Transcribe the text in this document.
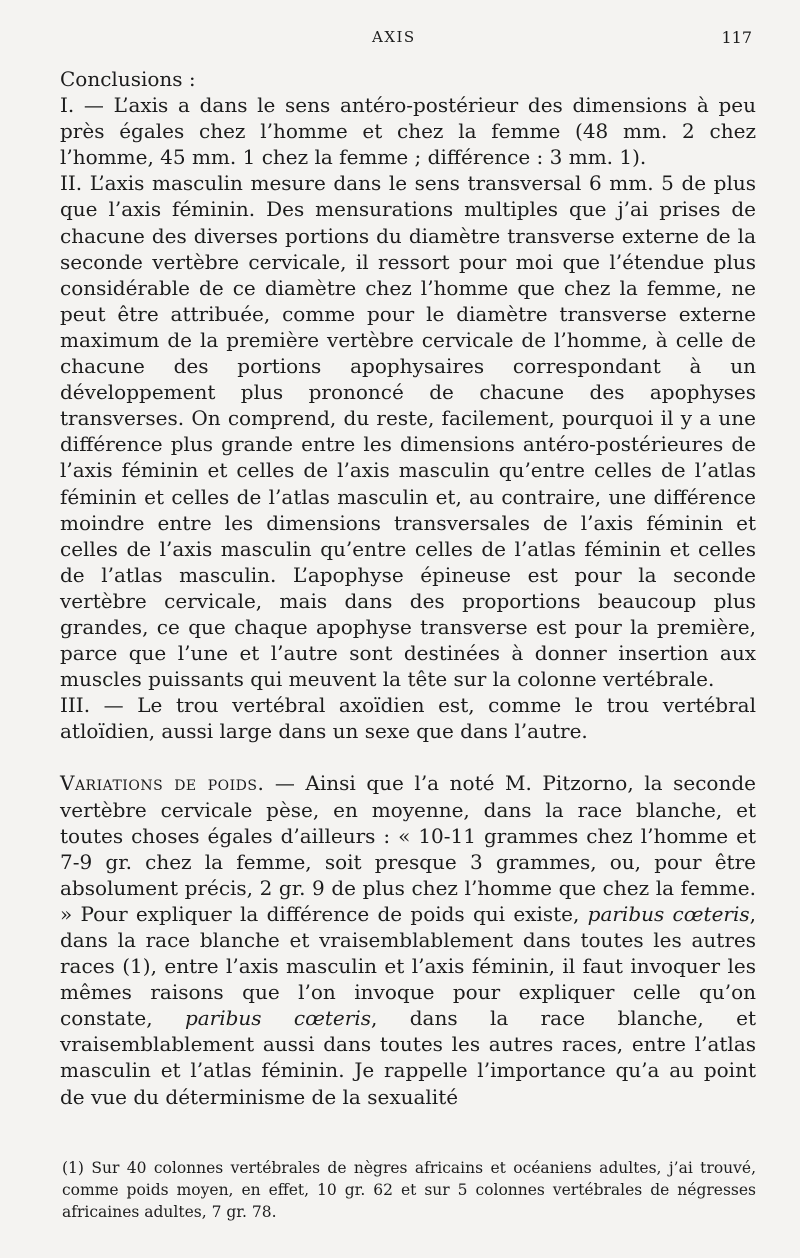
AXIS	117

Conclusions :

I. — L’axis a dans le sens antéro-postérieur des dimensions à peu près égales chez l’homme et chez la femme (48 mm. 2 chez l’homme, 45 mm. 1 chez la femme ; différence : 3 mm. 1).

II. L’axis masculin mesure dans le sens transversal 6 mm. 5 de plus que l’axis féminin. Des mensurations multiples que j’ai prises de chacune des diverses portions du diamètre transverse externe de la seconde vertèbre cervicale, il ressort pour moi que l’étendue plus considérable de ce diamètre chez l’homme que chez la femme, ne peut être attribuée, comme pour le diamètre transverse externe maximum de la première vertèbre cervicale de l’homme, à celle de chacune des portions apophysaires correspondant à un développement plus prononcé de chacune des apophyses transverses. On comprend, du reste, facilement, pourquoi il y a une différence plus grande entre les dimensions antéro-postérieures de l’axis féminin et celles de l’axis masculin qu’entre celles de l’atlas féminin et celles de l’atlas masculin et, au contraire, une différence moindre entre les dimensions transversales de l’axis féminin et celles de l’axis masculin qu’entre celles de l’atlas féminin et celles de l’atlas masculin. L’apophyse épineuse est pour la seconde vertèbre cervicale, mais dans des proportions beaucoup plus grandes, ce que chaque apophyse transverse est pour la première, parce que l’une et l’autre sont destinées à donner insertion aux muscles puissants qui meuvent la tête sur la colonne vertébrale.

III. — Le trou vertébral axoïdien est, comme le trou vertébral atloïdien, aussi large dans un sexe que dans l’autre.

Variations de poids. — Ainsi que l’a noté M. Pitzorno, la seconde vertèbre cervicale pèse, en moyenne, dans la race blanche, et toutes choses égales d’ailleurs : « 10-11 grammes chez l’homme et 7-9 gr. chez la femme, soit presque 3 grammes, ou, pour être absolument précis, 2 gr. 9 de plus chez l’homme que chez la femme. » Pour expliquer la différence de poids qui existe, paribus cœteris, dans la race blanche et vraisemblablement dans toutes les autres races (1), entre l’axis masculin et l’axis féminin, il faut invoquer les mêmes raisons que l’on invoque pour expliquer celle qu’on constate, paribus cœteris, dans la race blanche, et vraisemblablement aussi dans toutes les autres races, entre l’atlas masculin et l’atlas féminin. Je rappelle l’importance qu’a au point de vue du déterminisme de la sexualité

(1) Sur 40 colonnes vertébrales de nègres africains et océaniens adultes, j’ai trouvé, comme poids moyen, en effet, 10 gr. 62 et sur 5 colonnes vertébrales de négresses africaines adultes, 7 gr. 78.
